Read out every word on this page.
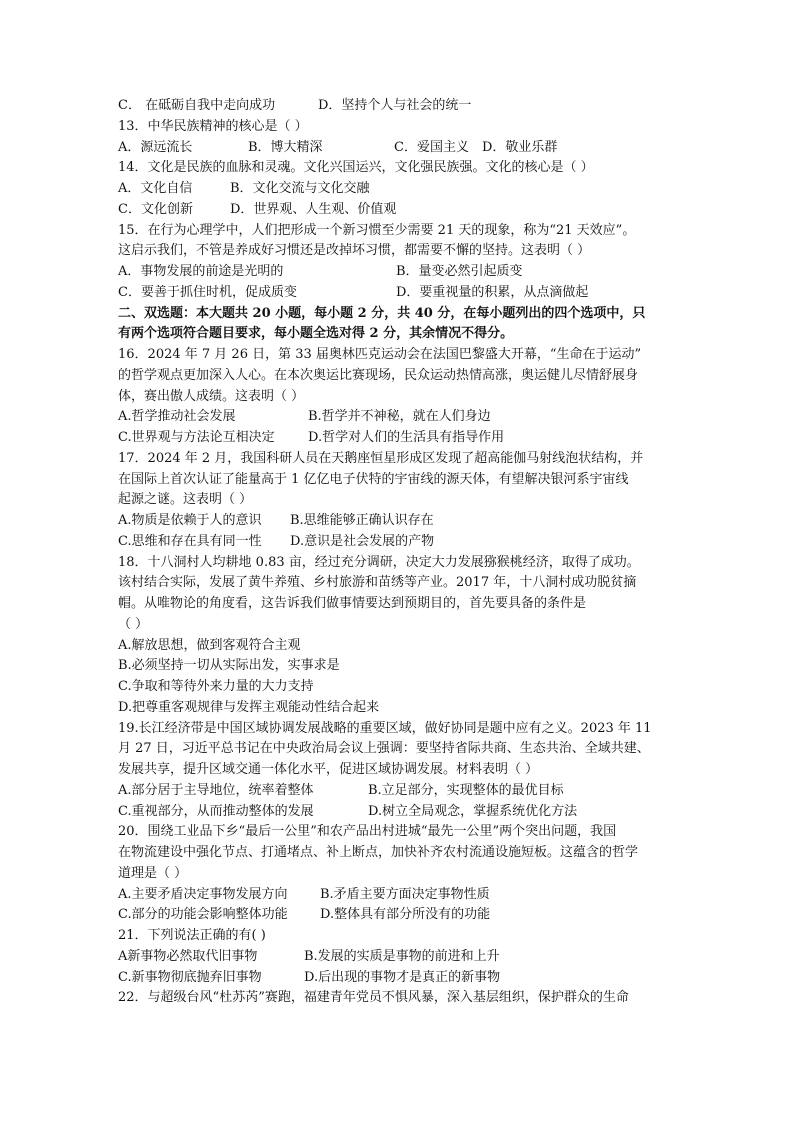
C． 在砥砺自我中走向成功	D．坚持个人与社会的统一
13．中华民族精神的核心是（ ）
A．源远流长	B．博大精深	C．爱国主义 D．敬业乐群
14．文化是民族的血脉和灵魂。文化兴国运兴，文化强民族强。文化的核心是（ ）
A．文化自信	B．文化交流与文化交融
C．文化创新	D．世界观、人生观、价值观
15．在行为心理学中，人们把形成一个新习惯至少需要 21 天的现象，称为“21 天效应”。
这启示我们，不管是养成好习惯还是改掉坏习惯，都需要不懈的坚持。这表明（ ）
A．事物发展的前途是光明的	B．量变必然引起质变
C．要善于抓住时机，促成质变	D．要重视量的积累，从点滴做起
二、双选题：本大题共 20 小题，每小题 2 分，共 40 分，在每小题列出的四个选项中，只
有两个选项符合题目要求，每小题全选对得 2 分，其余情况不得分。
16．2024 年 7 月 26 日，第 33 届奥林匹克运动会在法国巴黎盛大开幕，“生命在于运动”
的哲学观点更加深入人心。在本次奥运比赛现场，民众运动热情高涨，奥运健儿尽情舒展身
体，赛出傲人成绩。这表明（ ）
A.哲学推动社会发展	B.哲学并不神秘，就在人们身边
C.世界观与方法论互相决定	D.哲学对人们的生活具有指导作用
17．2024 年 2 月，我国科研人员在天鹅座恒星形成区发现了超高能伽马射线泡状结构，并
在国际上首次认证了能量高于 1 亿亿电子伏特的宇宙线的源天体，有望解决银河系宇宙线
起源之谜。这表明（ ）
A.物质是依赖于人的意识 B.思维能够正确认识存在
C.思维和存在具有同一性 D.意识是社会发展的产物
18．十八洞村人均耕地 0.83 亩，经过充分调研，决定大力发展猕猴桃经济，取得了成功。
该村结合实际，发展了黄牛养殖、乡村旅游和苗绣等产业。2017 年，十八洞村成功脱贫摘
帽。从唯物论的角度看，这告诉我们做事情要达到预期目的，首先要具备的条件是
（ ）
A.解放思想，做到客观符合主观
B.必须坚持一切从实际出发，实事求是
C.争取和等待外来力量的大力支持
D.把尊重客观规律与发挥主观能动性结合起来
19.长江经济带是中国区域协调发展战略的重要区域，做好协同是题中应有之义。2023 年 11
月 27 日，习近平总书记在中央政治局会议上强调：要坚持省际共商、生态共治、全域共建、
发展共享，提升区域交通一体化水平，促进区域协调发展。材料表明（ ）
A.部分居于主导地位，统率着整体	B.立足部分，实现整体的最优目标
C.重视部分，从而推动整体的发展	D.树立全局观念，掌握系统优化方法
20．围绕工业品下乡“最后一公里”和农产品出村进城“最先一公里”两个突出问题，我国
在物流建设中强化节点、打通堵点、补上断点，加快补齐农村流通设施短板。这蕴含的哲学
道理是（ ）
A.主要矛盾决定事物发展方向 B.矛盾主要方面决定事物性质
C.部分的功能会影响整体功能 D.整体具有部分所没有的功能
21．下列说法正确的有( )
A新事物必然取代旧事物	B.发展的实质是事物的前进和上升
C.新事物彻底抛弃旧事物	D.后出现的事物才是真正的新事物
22．与超级台风“杜苏芮”赛跑，福建青年党员不惧风暴，深入基层组织，保护群众的生命
